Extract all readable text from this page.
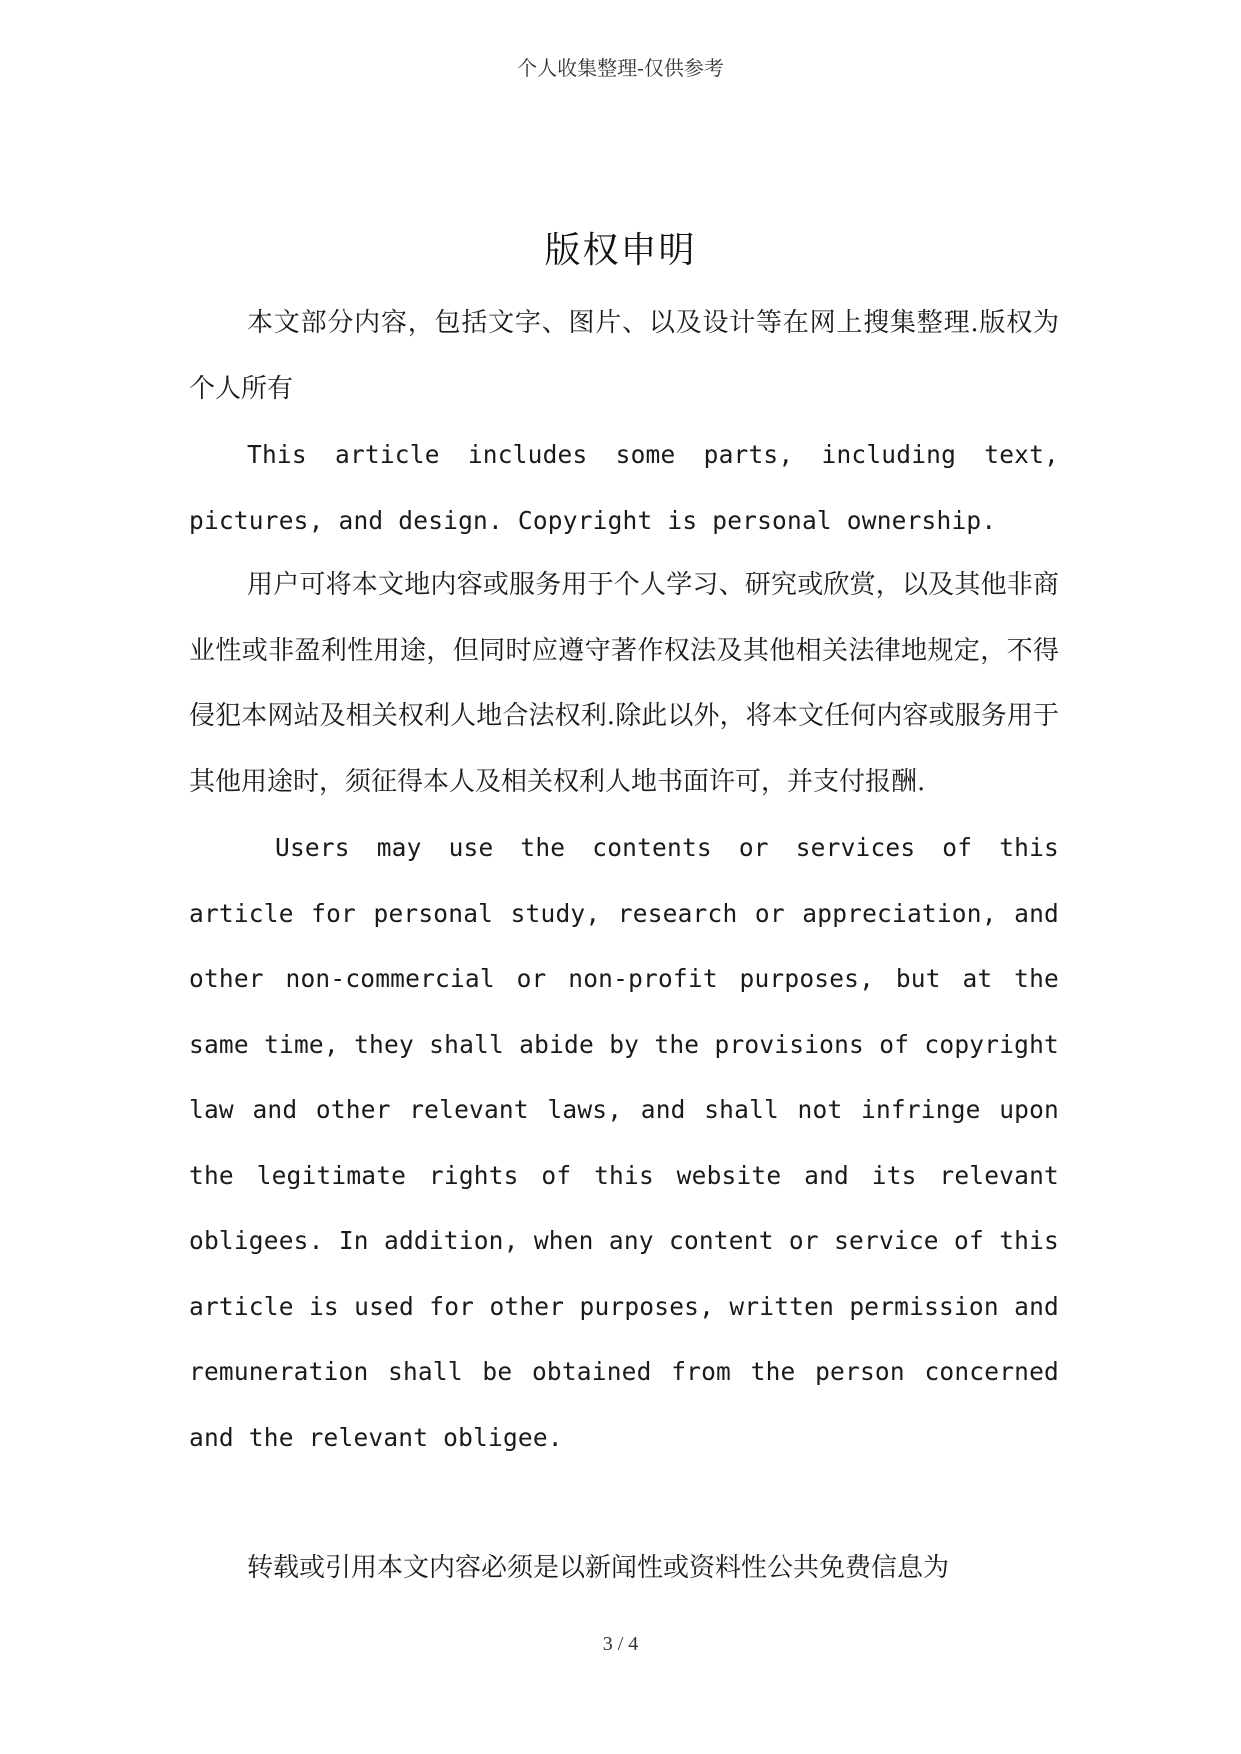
个人收集整理-仅供参考
版权申明

本文部分内容，包括文字、图片、以及设计等在网上搜集整理.版权为个人所有

This article includes some parts, including text, pictures, and design. Copyright is personal ownership.

用户可将本文地内容或服务用于个人学习、研究或欣赏，以及其他非商业性或非盈利性用途，但同时应遵守著作权法及其他相关法律地规定，不得侵犯本网站及相关权利人地合法权利.除此以外，将本文任何内容或服务用于其他用途时，须征得本人及相关权利人地书面许可，并支付报酬.

Users may use the contents or services of this article for personal study, research or appreciation, and other non-commercial or non-profit purposes, but at the same time, they shall abide by the provisions of copyright law and other relevant laws, and shall not infringe upon the legitimate rights of this website and its relevant obligees. In addition, when any content or service of this article is used for other purposes, written permission and remuneration shall be obtained from the person concerned and the relevant obligee.

转载或引用本文内容必须是以新闻性或资料性公共免费信息为

3 / 4
